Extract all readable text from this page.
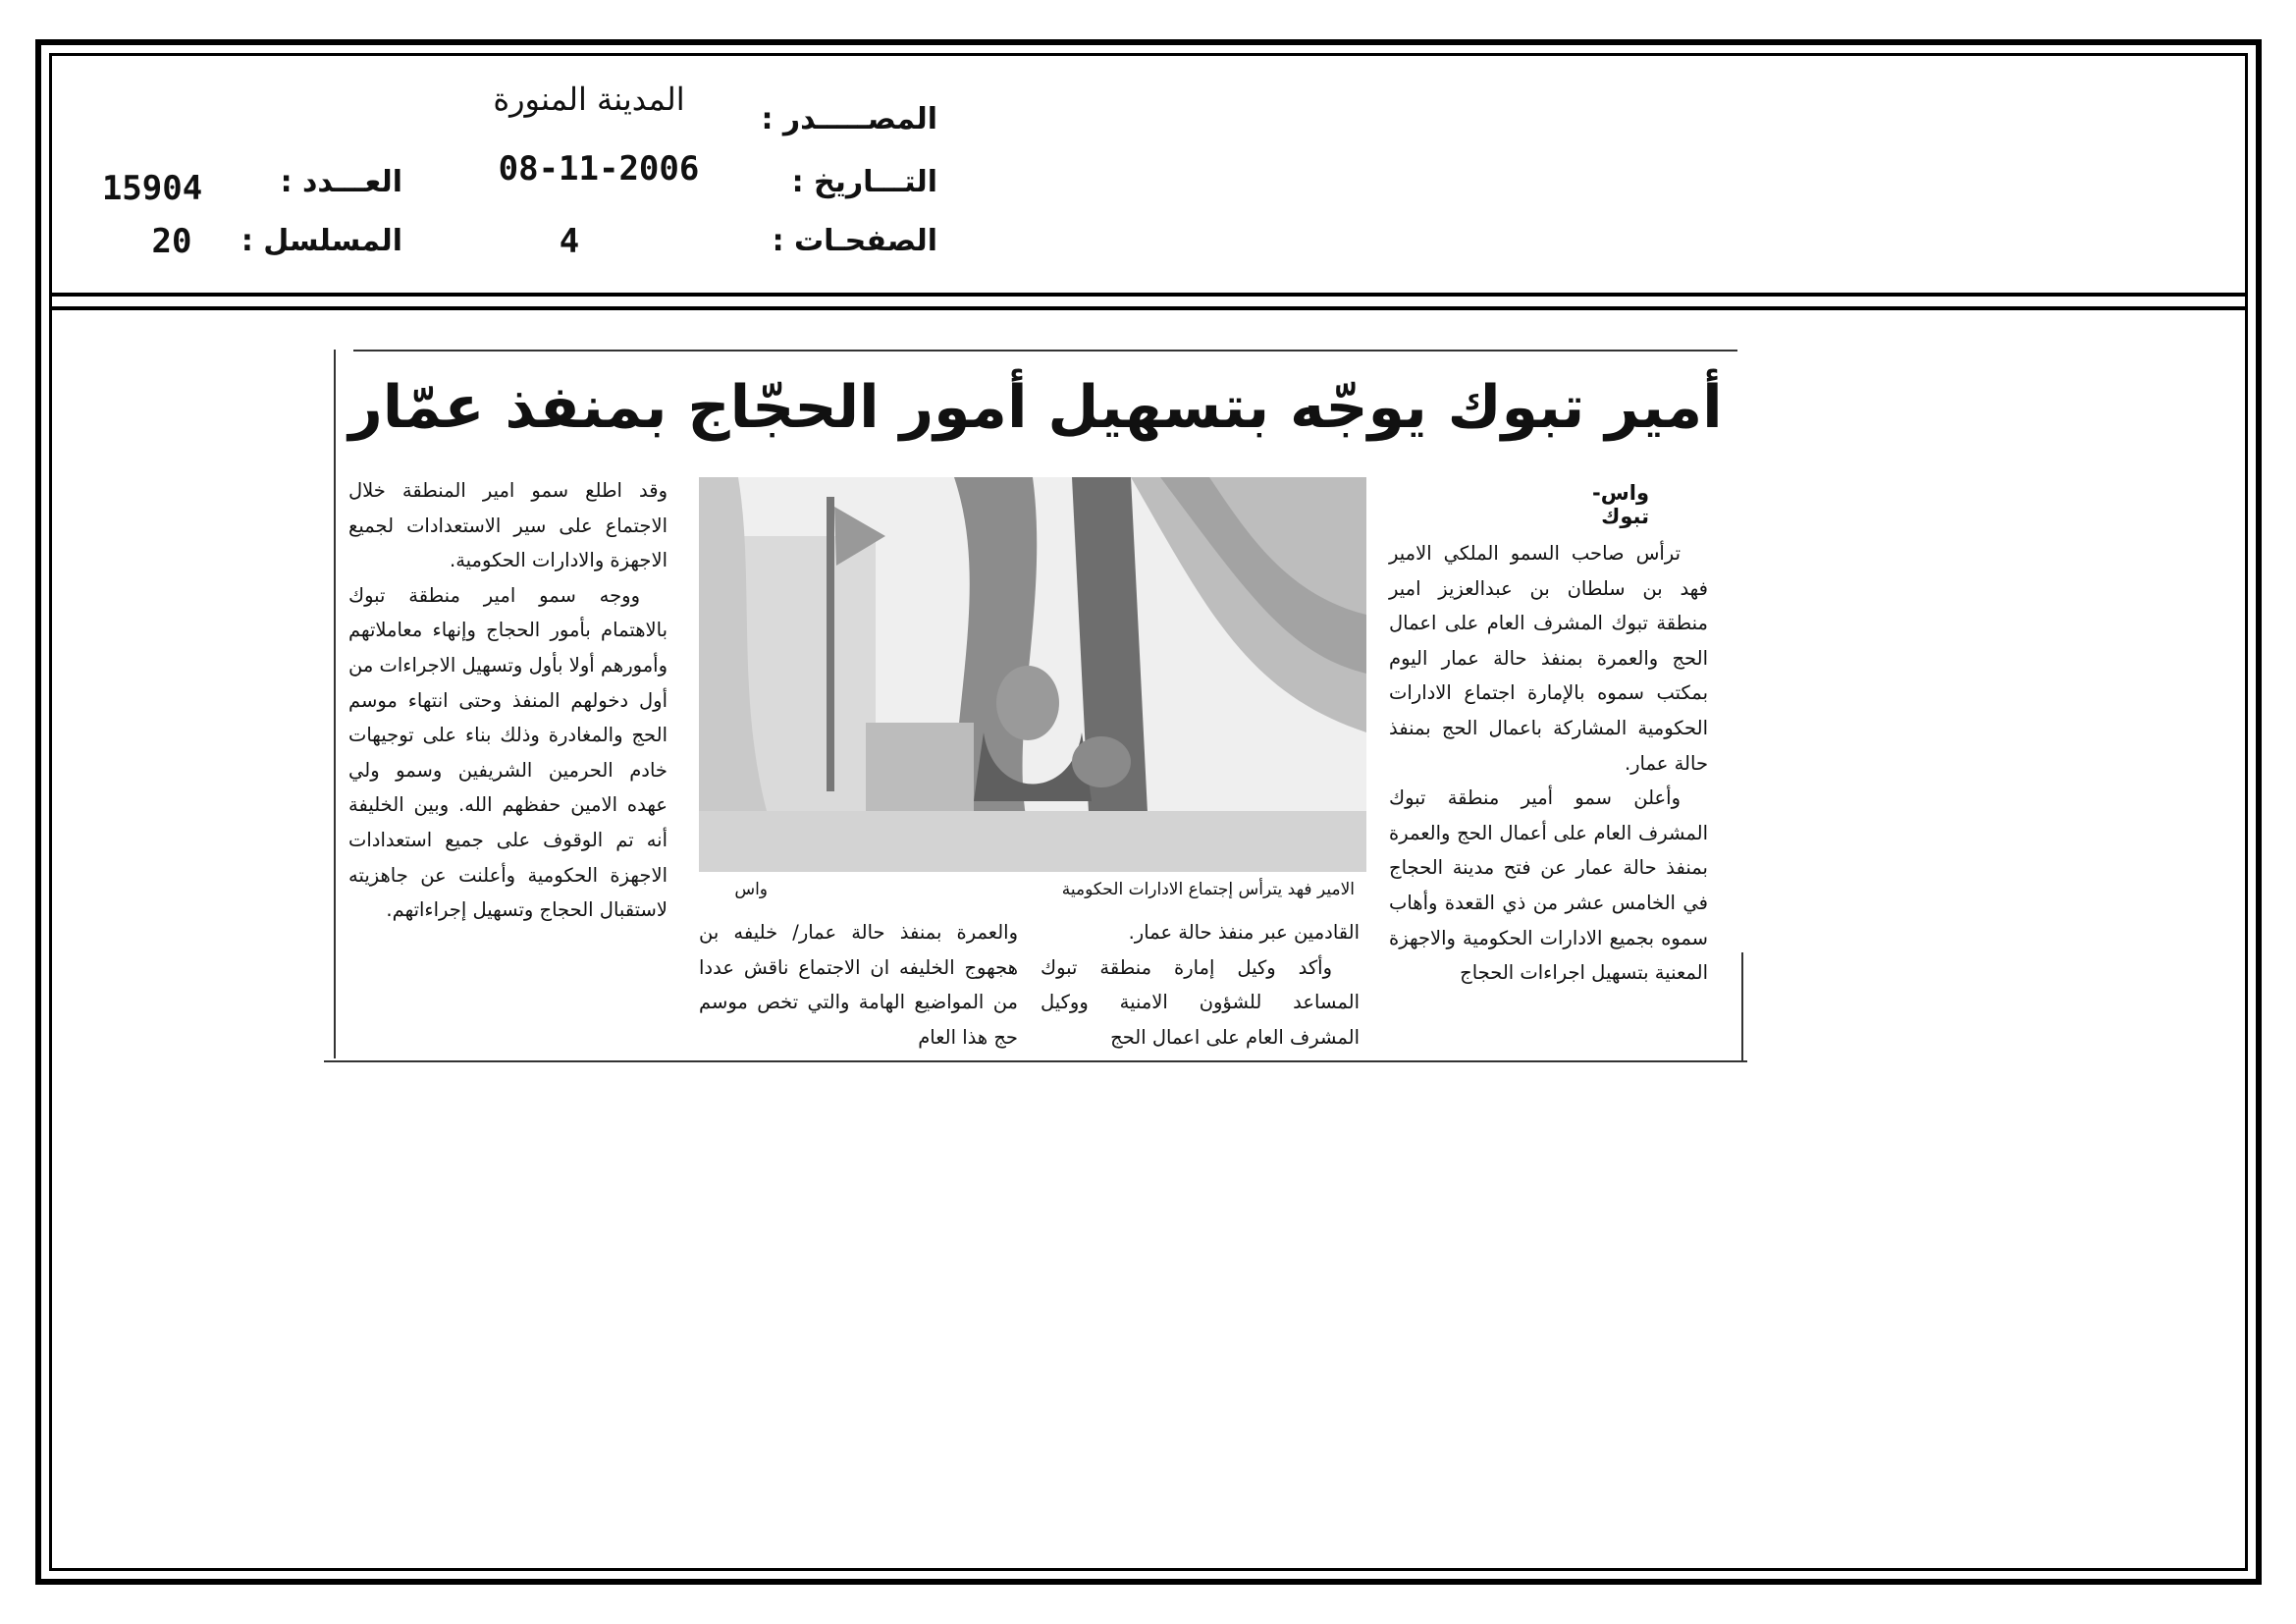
المصـــــدر :
المدينة المنورة
التـــاريخ :
08-11-2006
الصفحـات :
4
العـــدد :
15904
المسلسل :
20
أمير تبوك يوجّه بتسهيل أمور الحجّاج بمنفذ عمّار
واس- تبوك

ترأس صاحب السمو الملكي الامير فهد بن سلطان بن عبدالعزيز امير منطقة تبوك المشرف العام على اعمال الحج والعمرة بمنفذ حالة عمار اليوم بمكتب سموه بالإمارة اجتماع الادارات الحكومية المشاركة باعمال الحج بمنفذ حالة عمار.

وأعلن سمو أمير منطقة تبوك المشرف العام على أعمال الحج والعمرة بمنفذ حالة عمار عن فتح مدينة الحجاج في الخامس عشر من ذي القعدة وأهاب سموه بجميع الادارات الحكومية والاجهزة المعنية بتسهيل اجراءات الحجاج

الامير فهد يترأس إجتماع الادارات الحكومية
واس

القادمين عبر منفذ حالة عمار.

وأكد وكيل إمارة منطقة تبوك المساعد للشؤون الامنية ووكيل المشرف العام على اعمال الحج

والعمرة بمنفذ حالة عمار/ خليفه بن هجهوج الخليفه ان الاجتماع ناقش عددا من المواضيع الهامة والتي تخص موسم حج هذا العام

وقد اطلع سمو امير المنطقة خلال الاجتماع على سير الاستعدادات لجميع الاجهزة والادارات الحكومية.

ووجه سمو امير منطقة تبوك بالاهتمام بأمور الحجاج وإنهاء معاملاتهم وأمورهم أولا بأول وتسهيل الاجراءات من أول دخولهم المنفذ وحتى انتهاء موسم الحج والمغادرة وذلك بناء على توجيهات خادم الحرمين الشريفين وسمو ولي عهده الامين حفظهم الله. وبين الخليفة أنه تم الوقوف على جميع استعدادات الاجهزة الحكومية وأعلنت عن جاهزيته لاستقبال الحجاج وتسهيل إجراءاتهم.
